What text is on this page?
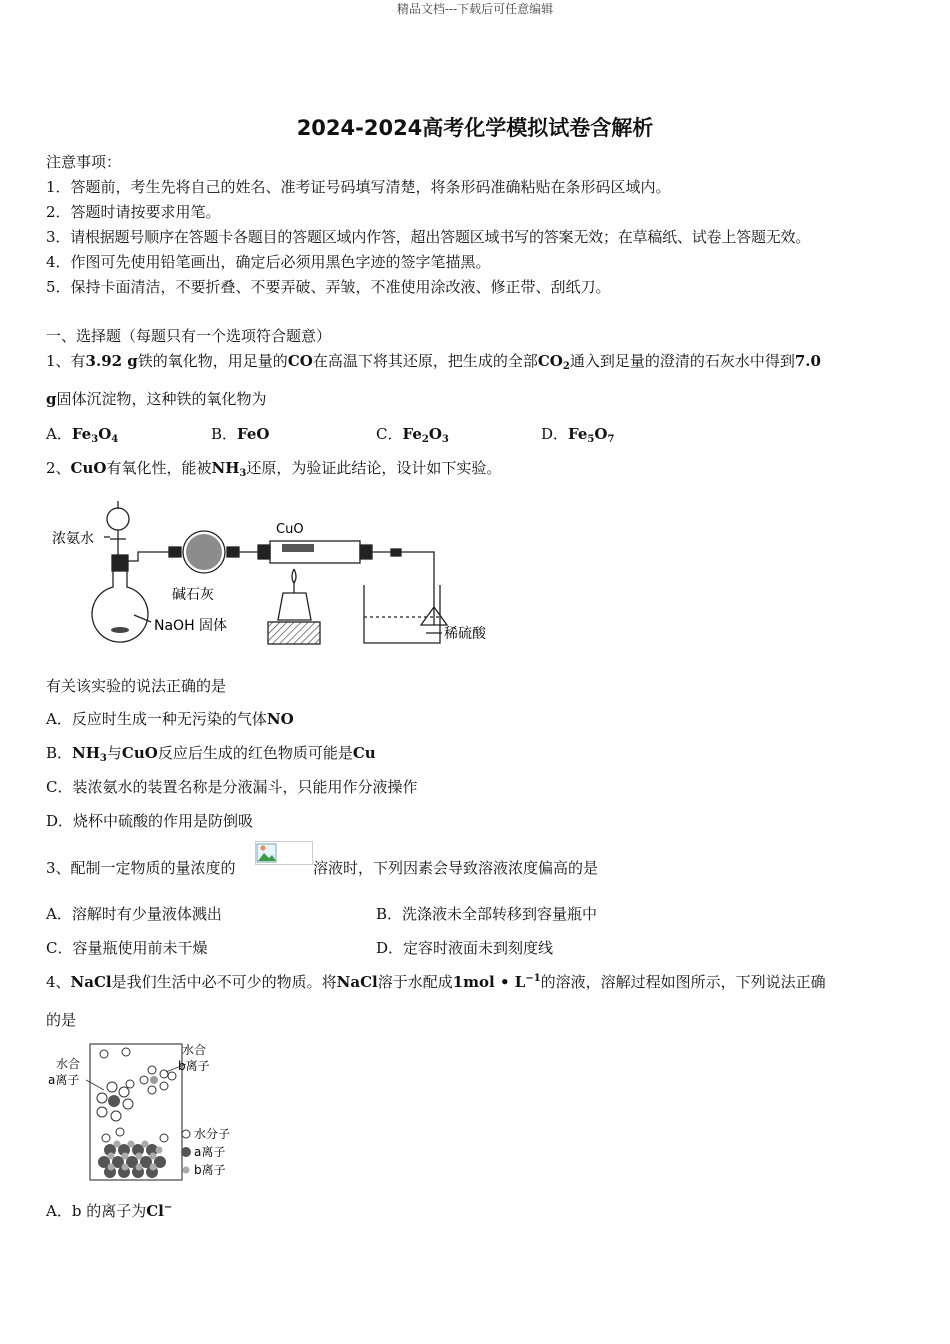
精品文档---下载后可任意编辑
2024-2024高考化学模拟试卷含解析
注意事项：
1．答题前，考生先将自己的姓名、准考证号码填写清楚，将条形码准确粘贴在条形码区域内。
2．答题时请按要求用笔。
3．请根据题号顺序在答题卡各题目的答题区域内作答，超出答题区域书写的答案无效；在草稿纸、试卷上答题无效。
4．作图可先使用铅笔画出，确定后必须用黑色字迹的签字笔描黑。
5．保持卡面清洁，不要折叠、不要弄破、弄皱，不准使用涂改液、修正带、刮纸刀。
一、选择题（每题只有一个选项符合题意）
1、有3.92 g铁的氧化物，用足量的CO在高温下将其还原，把生成的全部$CO_2$通入到足量的澄清的石灰水中得到7.0
g固体沉淀物，这种铁的氧化物为
A．$Fe_3O_4$	B．FeO	C．$Fe_2O_3$	D．$Fe_5O_7$
2、CuO有氧化性，能被$NH_3$还原，为验证此结论，设计如下实验。
浓氨水
CuO
碱石灰
NaOH 固体	稀硫酸
有关该实验的说法正确的是
A．反应时生成一种无污染的气体NO
B．$NH_3$与CuO反应后生成的红色物质可能是Cu
C．装浓氨水的装置名称是分液漏斗，只能用作分液操作
D．烧杯中硫酸的作用是防倒吸
3、配制一定物质的量浓度的	溶液时，下列因素会导致溶液浓度偏高的是
A．溶解时有少量液体溅出	B．洗涤液未全部转移到容量瓶中
C．容量瓶使用前未干燥	D．定容时液面未到刻度线
4、NaCl是我们生活中必不可少的物质。将NaCl溶于水配成1mol • $L^{-1}$的溶液，溶解过程如图所示，下列说法正确
的是
水合
a离子
水合
b离子
水分子
a离子
b离子
A．b 的离子为Cl−
